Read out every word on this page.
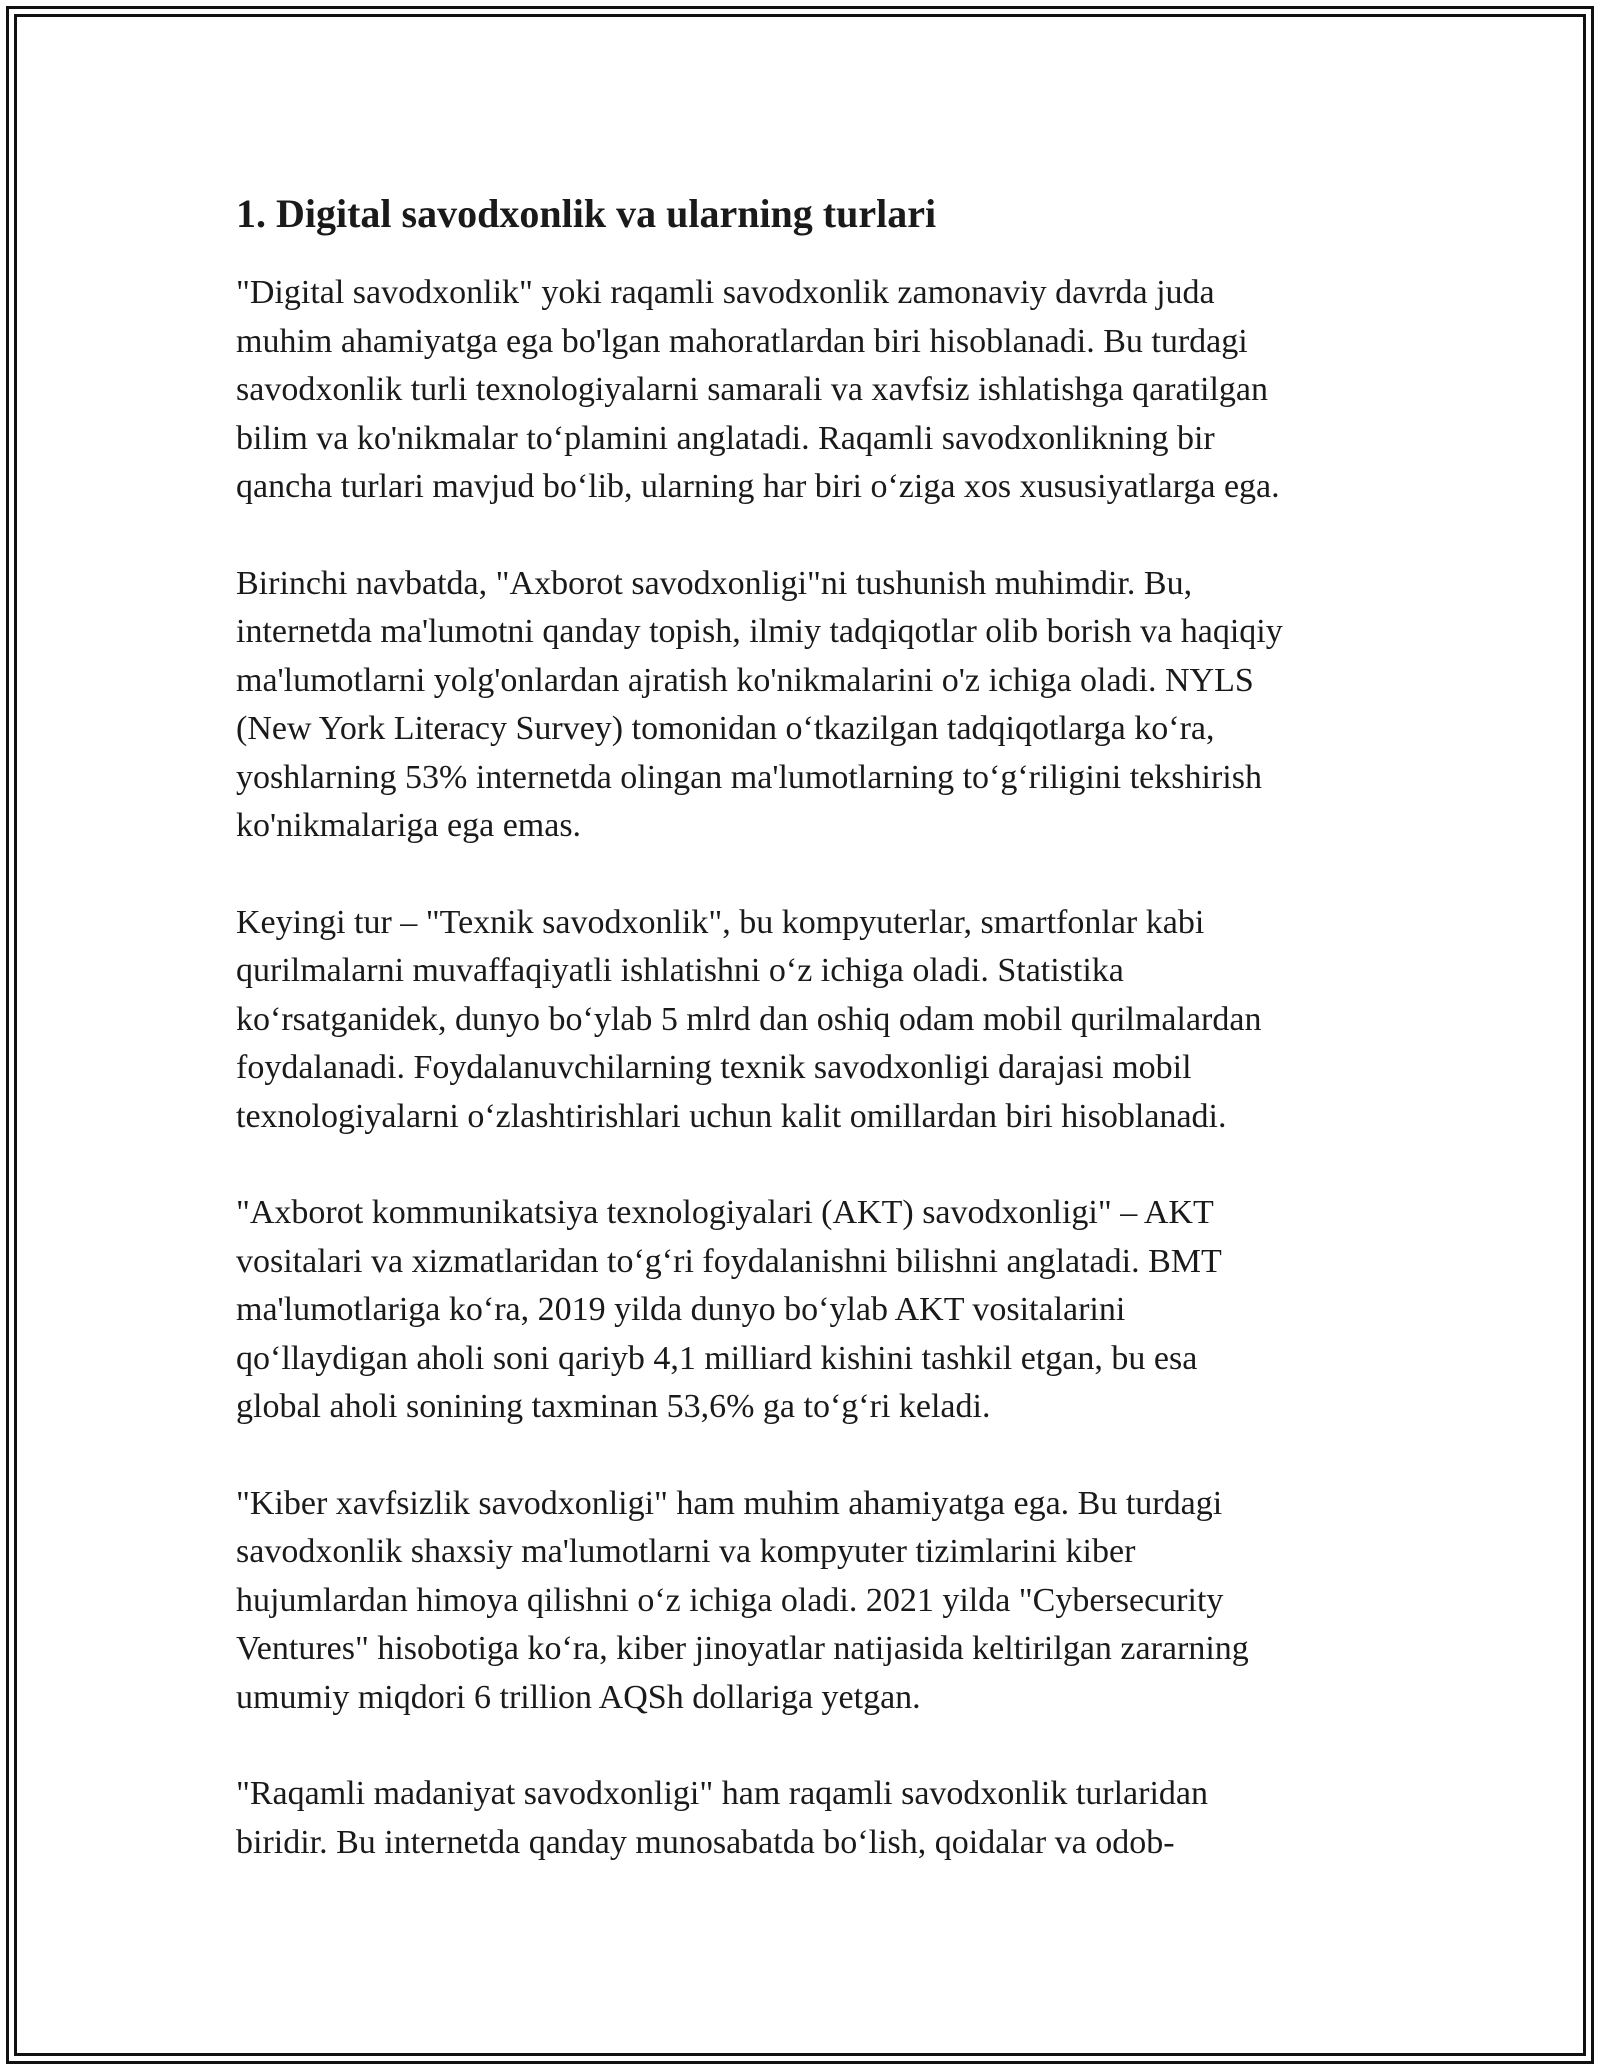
1. Digital savodxonlik va ularning turlari

"Digital savodxonlik" yoki raqamli savodxonlik zamonaviy davrda juda
muhim ahamiyatga ega bo'lgan mahoratlardan biri hisoblanadi. Bu turdagi
savodxonlik turli texnologiyalarni samarali va xavfsiz ishlatishga qaratilgan
bilim va ko'nikmalar to‘plamini anglatadi. Raqamli savodxonlikning bir
qancha turlari mavjud bo‘lib, ularning har biri o‘ziga xos xususiyatlarga ega.

Birinchi navbatda, "Axborot savodxonligi"ni tushunish muhimdir. Bu,
internetda ma'lumotni qanday topish, ilmiy tadqiqotlar olib borish va haqiqiy
ma'lumotlarni yolg'onlardan ajratish ko'nikmalarini o'z ichiga oladi. NYLS
(New York Literacy Survey) tomonidan o‘tkazilgan tadqiqotlarga ko‘ra,
yoshlarning 53% internetda olingan ma'lumotlarning to‘g‘riligini tekshirish
ko'nikmalariga ega emas.

Keyingi tur – "Texnik savodxonlik", bu kompyuterlar, smartfonlar kabi
qurilmalarni muvaffaqiyatli ishlatishni o‘z ichiga oladi. Statistika
ko‘rsatganidek, dunyo bo‘ylab 5 mlrd dan oshiq odam mobil qurilmalardan
foydalanadi. Foydalanuvchilarning texnik savodxonligi darajasi mobil
texnologiyalarni o‘zlashtirishlari uchun kalit omillardan biri hisoblanadi.

"Axborot kommunikatsiya texnologiyalari (AKT) savodxonligi" – AKT
vositalari va xizmatlaridan to‘g‘ri foydalanishni bilishni anglatadi. BMT
ma'lumotlariga ko‘ra, 2019 yilda dunyo bo‘ylab AKT vositalarini
qo‘llaydigan aholi soni qariyb 4,1 milliard kishini tashkil etgan, bu esa
global aholi sonining taxminan 53,6% ga to‘g‘ri keladi.

"Kiber xavfsizlik savodxonligi" ham muhim ahamiyatga ega. Bu turdagi
savodxonlik shaxsiy ma'lumotlarni va kompyuter tizimlarini kiber
hujumlardan himoya qilishni o‘z ichiga oladi. 2021 yilda "Cybersecurity
Ventures" hisobotiga ko‘ra, kiber jinoyatlar natijasida keltirilgan zararning
umumiy miqdori 6 trillion AQSh dollariga yetgan.

"Raqamli madaniyat savodxonligi" ham raqamli savodxonlik turlaridan
biridir. Bu internetda qanday munosabatda bo‘lish, qoidalar va odob-
